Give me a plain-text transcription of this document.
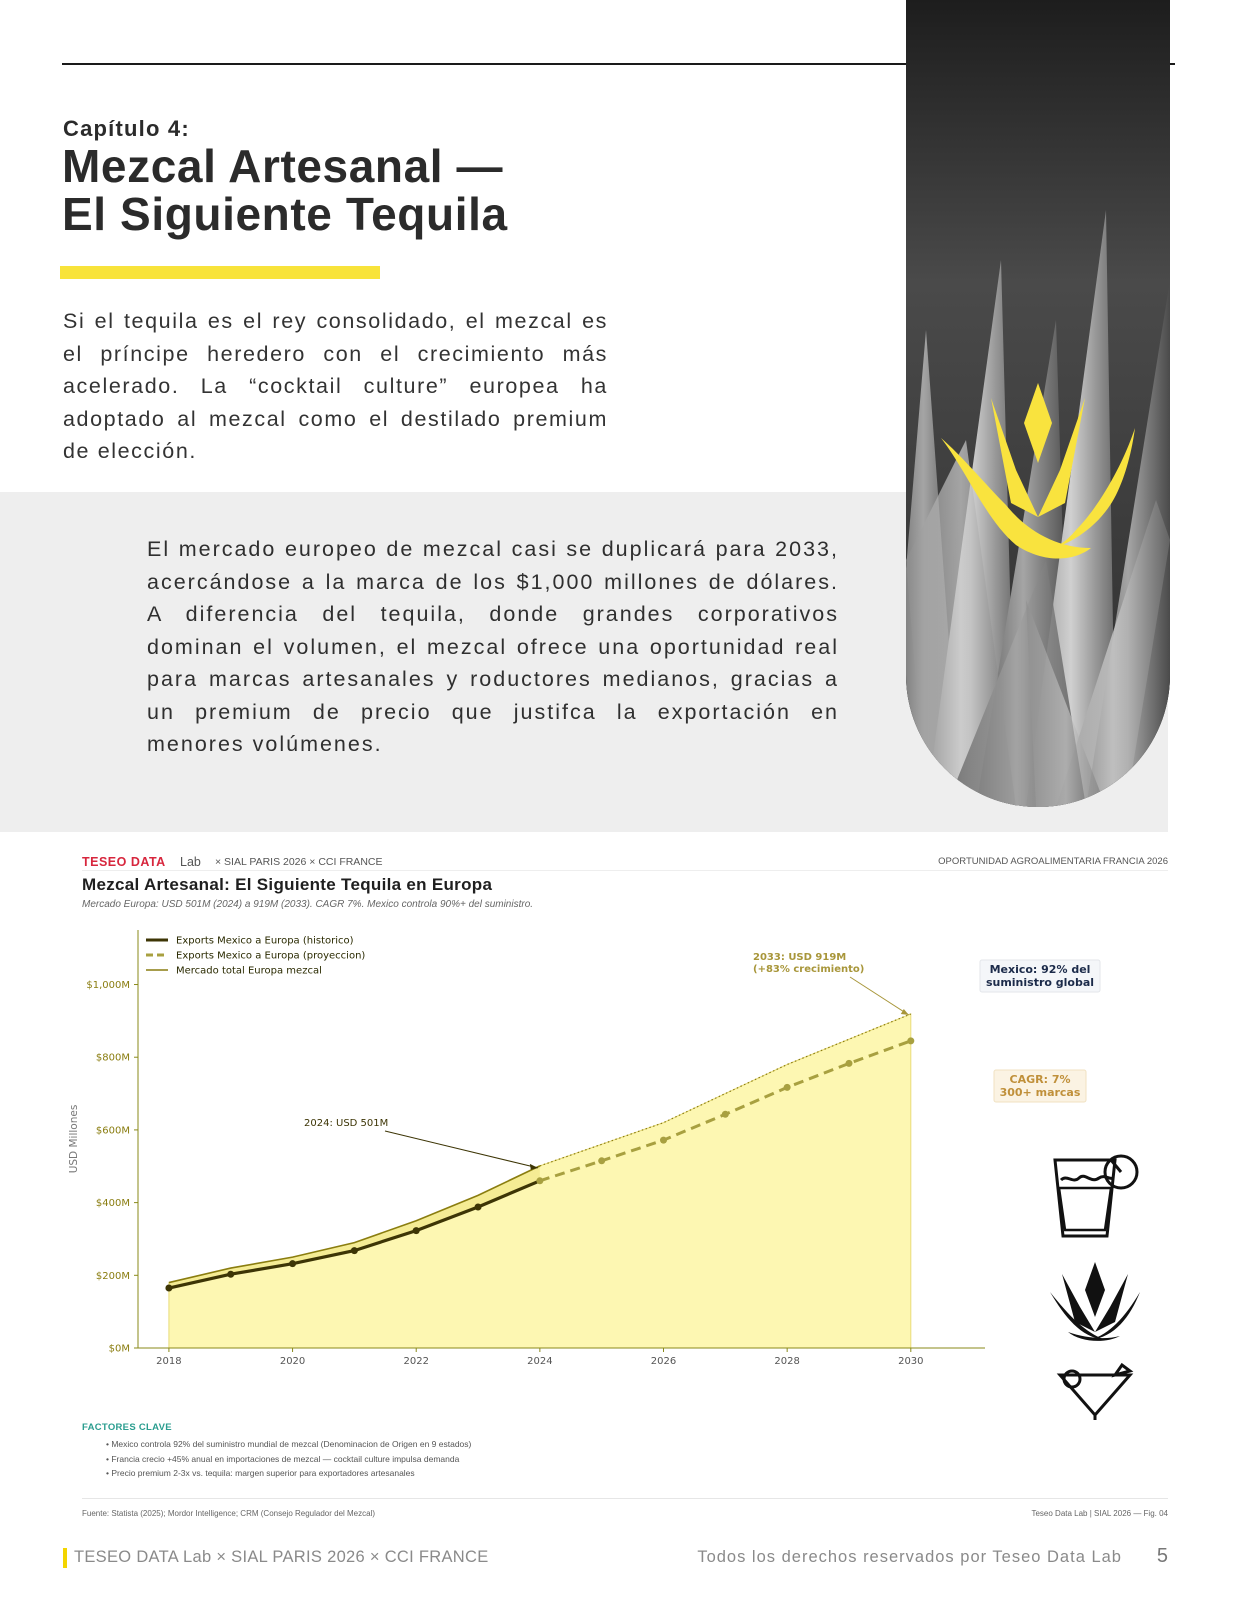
Capítulo 4:
Mezcal Artesanal —
El Siguiente Tequila
Si el tequila es el rey consolidado, el mezcal es el príncipe heredero con el crecimiento más acelerado. La “cocktail culture” europea ha adoptado al mezcal como el destilado premium de elección.
El mercado europeo de mezcal casi se duplicará para 2033, acercándose a la marca de los $1,000 millones de dólares. A diferencia del tequila, donde grandes corporativos dominan el volumen, el mezcal ofrece una oportunidad real para marcas artesanales y roductores medianos, gracias a un premium de precio que justifca la exportación en menores volúmenes.
TESEO DATA Lab × SIAL PARIS 2026 × CCI FRANCE	OPORTUNIDAD AGROALIMENTARIA FRANCIA 2026
Mezcal Artesanal: El Siguiente Tequila en Europa
Mercado Europa: USD 501M (2024) a 919M (2033). CAGR 7%. Mexico controla 90%+ del suministro.
$0M
$200M
$400M
$600M
$800M
$1,000M
2018	2020	2022	2024	2026	2028	2030
USD Millones
Exports Mexico a Europa (historico)
Exports Mexico a Europa (proyeccion)
Mercado total Europa mezcal
2024: USD 501M
2033: USD 919M
(+83% crecimiento)	Mexico: 92% del
suministro global
CAGR: 7%
300+ marcas
FACTORES CLAVE
• Mexico controla 92% del suministro mundial de mezcal (Denominacion de Origen en 9 estados)
• Francia crecio +45% anual en importaciones de mezcal — cocktail culture impulsa demanda
• Precio premium 2-3x vs. tequila: margen superior para exportadores artesanales
Fuente: Statista (2025); Mordor Intelligence; CRM (Consejo Regulador del Mezcal)	Teseo Data Lab | SIAL 2026 — Fig. 04
TESEO DATA Lab × SIAL PARIS 2026 × CCI FRANCE	Todos los derechos reservados por Teseo Data Lab 5
